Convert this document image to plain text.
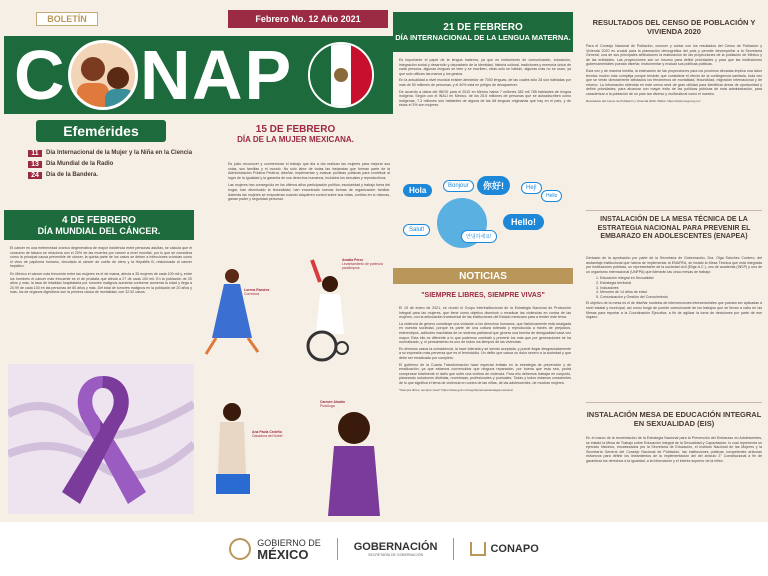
BOLETÍN
C N
Efemérides
11	Día Internacional de la Mujer y la Niña en la Ciencia
13	Día Mundial de la Radio
24	Día de la Bandera.
4 DE FEBRERO
DÍA MUNDIAL DEL CÁNCER.

El cáncer es una enfermedad crónico degenerativa de mayor incidencia entre personas adultas, se calcula que el consumo de tabaco se relaciona con el 20% de las muertes por cáncer a nivel mundial, por lo que se considera como la principal causa prevenible de cáncer, la quinta parte de los casos se deben a infecciones crónicas como el virus de papiloma humano, vinculado al cáncer de cuello de útero y la Hepatitis B, relacionada al cáncer hepático.

En México el cáncer más frecuente entre las mujeres es el de mama, afecta a 35 mujeres de cada 100 mil y, entre los hombres el cáncer más frecuente es el de próstata que afecta a 27 de cada 100 mil. En la población de 20 años y más, la tasa de letalidad hospitalaria por tumores malignos aumenta conforme aumenta la edad y llega a 20.99 de cada 100 en las personas de 80 años y más. Del total de tumores malignos en la población de 20 años y más, los de órganos digestivos son la primera causa de mortalidad, con 32.52 casos.

Febrero No. 12 Año 2021
AP
15 DE FEBRERO
DÍA DE LA MUJER MEXICANA.

Es justo reconocer y conmemorar el trabajo que día a día realizan las mujeres para mejorar sus vidas, sus familias y el mundo. No sólo labor de todas las instancias que forman parte de la Administración Pública Federal, diseñar, implementar y evaluar políticas públicas para contribuir al logro de la igualdad y la garantía de sus derechos humanos, incluidos los sexuales y reproductivos.

Las mujeres han conseguido en los últimos años participación política, escolaridad y trabajo fuera del hogar, han disminuido la fecundidad, han encontrado nuevas formas de organización familiar. Además las mujeres se empoderan cuando adquieren control sobre sus vidas, confían en sí mismas, ganan poder y seguridad personal.

Lorena Ramírez
Corredora
Amalia Pérez
Levantamiento de potencia paralímpica
Ana Paola Cedeño
Ganadora del Nobel
Carmen Alardín
Psicóloga
21 DE FEBRERO
DÍA INTERNACIONAL DE LA LENGUA MATERNA.

Es importante el papel de la lengua materna, ya que es instrumento de comunicación, educación, integración social y desarrollo y depositario de la identidad, historia cultural, tradiciones y memoria única de cada persona, algunas lenguas se leen y se escriben, otras solo se hablan, algunas más no se usan, ya que solo utilizan las manos y los gestos.

En la actualidad a nivel mundial existen alrededor de 7000 lenguas, de las cuales sólo 28 son habladas por más de 50 millones de personas, y el 40% está en peligro de desaparecer.

De acuerdo a datos del INEGI para el 2010 en México había 7 millones 382 mil 785 hablantes de lengua indígena. Según con el INALI en México, de los 25.6 millones de personas que se autoadscriben como indígenas, 7.3 millones son hablantes de alguna de las 68 lenguas originarias que hay en el país, y de éstos el 3% son mujeres.

Hola	Bonjour	你好!	Hej!
Hello
Salut!
안녕하세요!
Hello!
NOTICIAS
"SIEMPRE LIBRES, SIEMPRE VIVAS"

El 19 de enero de 2021, se reunió el Grupo Interinstitucional de la Estrategia Nacional de Protección Integral para las mujeres, que tiene como objetivo disminuir o erradicar las violencias en contra de las mujeres, con la articulación transversal de las instituciones del Estado mexicano para a tender este tema.

La violencia de género constituye una violación a los derechos humanos, que históricamente está arraigada en nuestra sociedad, porque es parte de una cultura tolerada y reproducida a través de prejuicios, estereotipos, actitudes machistas de un sistema patriarcal que genera una brecha de desigualdad cada vez mayor. Esta ello es diferente a lo que podemos combatir y prevenir los más que por generaciones se ha normalizado, y, el pensamiento es uno de todos los tiempos de las viviendas.

En diversos casos la coincidencia, la hace tolerada y se siendo aceptada, y puede llegar desgraciadamente a su expresión más perversa que es el feminicidio. Un delito que causa un dolor severo a la sociedad y que debe ser erradicado por completo.

El gobierno de la Cuarta Transformación hace especial énfasis en la estrategia de prevención y de erradicación, ya que estamos convencidos que ninguna reparación, por buena que esta sea, podrá compensar totalmente el daño que sufre una víctima de violencia. Para ello debemos trabajar en conjunto, planeando soluciones distintas, novedosas, profesionales y puntuales. Todas y todos estamos conscientes de lo que significa el tema de violencia en contra de las niñas, de las adolescentes, de muchas mujeres.

*Siempre libres, siempre vivas* https://www.gob.mx/segob/prensa/estrategia-nacional

RESULTADOS DEL CENSO DE POBLACIÓN Y VIVIENDA 2020

Para el Consejo Nacional de Población, conocer y contar con los resultados del Censo de Población y Vivienda 2020 es crucial para la planeación demográfica del país y permite desempeñar a la Secretaría General, una de sus principales atribuciones la elaboración de las proyecciones de la población de México y de las entidades. Las proyecciones son un insumo para definir prioridades y para que las instituciones gubernamentales puedan diseñar, instrumentar y evaluar sus políticas públicas.

Esta vez y de manera inédita, la estimación de las proyecciones para los próximos décadas implica una labor técnica mucho más compleja porque tendrán que considerar el efecto de la contingencia sanitaria, toda vez que se verán directamente afectados los fenómenos de mortalidad, fecundidad, migración internacional y de retorno. La información obtenida en este censo será de gran utilidad para identificar áreas de oportunidad y definir prioridades, para alcanzar con mayor éxito de las políticas públicas de esta administración, para caracterizar a la población de un país tan diverso y multicultural como el nuestro.

Resultados del Censo de Población y Vivienda 2020. INEGI. https://www.inegi.org.mx/

INSTALACIÓN DE LA MESA TÉCNICA DE LA ESTRATEGIA NACIONAL PARA PREVENIR EL EMBARAZO EN ADOLESCENTES (ENAPEA)

Derivado de la aprobación por parte de la Secretaría de Gobernación, Dra. Olga Sánchez Cordero, del andamiaje institucional que habría de implementar la ENAPEA, se instaló la Mesa Técnica que está integrada por instituciones públicas, un representante de la sociedad civil (Elige A.C.), uno de academia (INSP) y uno de un organismo internacional (UNFPA) que liderarán las cinco mesas de trabajo:

1. Educación Integral en Sexualidad
2. Estrategia territorial
3. Indicadores
4. Menores de 14 años de edad
5. Comunicación y Gestión del Conocimiento

El objetivo de la mesa es el de diseñar modelos de intervenciones intersectoriales que puedan ser aplicadas a nivel estatal y municipal, así como fungir de puente comunicante de los trabajos que se llevan a cabo en las Mesas para reportar a la Coordinación Ejecutiva, a fin de agilizar la toma de decisiones por parte de ese órgano.

INSTALACIÓN MESA DE EDUCACIÓN INTEGRAL EN SEXUALIDAD (EIS)

En el marco de la reorientación de la Estrategia Nacional para la Prevención del Embarazo en Adolescentes, se instaló la Mesa de Trabajo sobre Educación Integral de la Sexualidad y Capacitación, lo cual representa un ejercicio histórico, encabezados por la Secretaría de Educación, el Instituto Nacional de las Mujeres y la Secretaría General del Consejo Nacional de Población, las instituciones públicas competentes articulan esfuerzos para definir los lineamientos de la implementación del del artículo 3° Constitucional a fin de garantizar los derechos a la igualdad, a la información y el interés superior de la niñez.

GOBIERNO DE
MÉXICO	GOBERNACIÓN
SECRETARÍA DE GOBERNACIÓN	CONAPO
